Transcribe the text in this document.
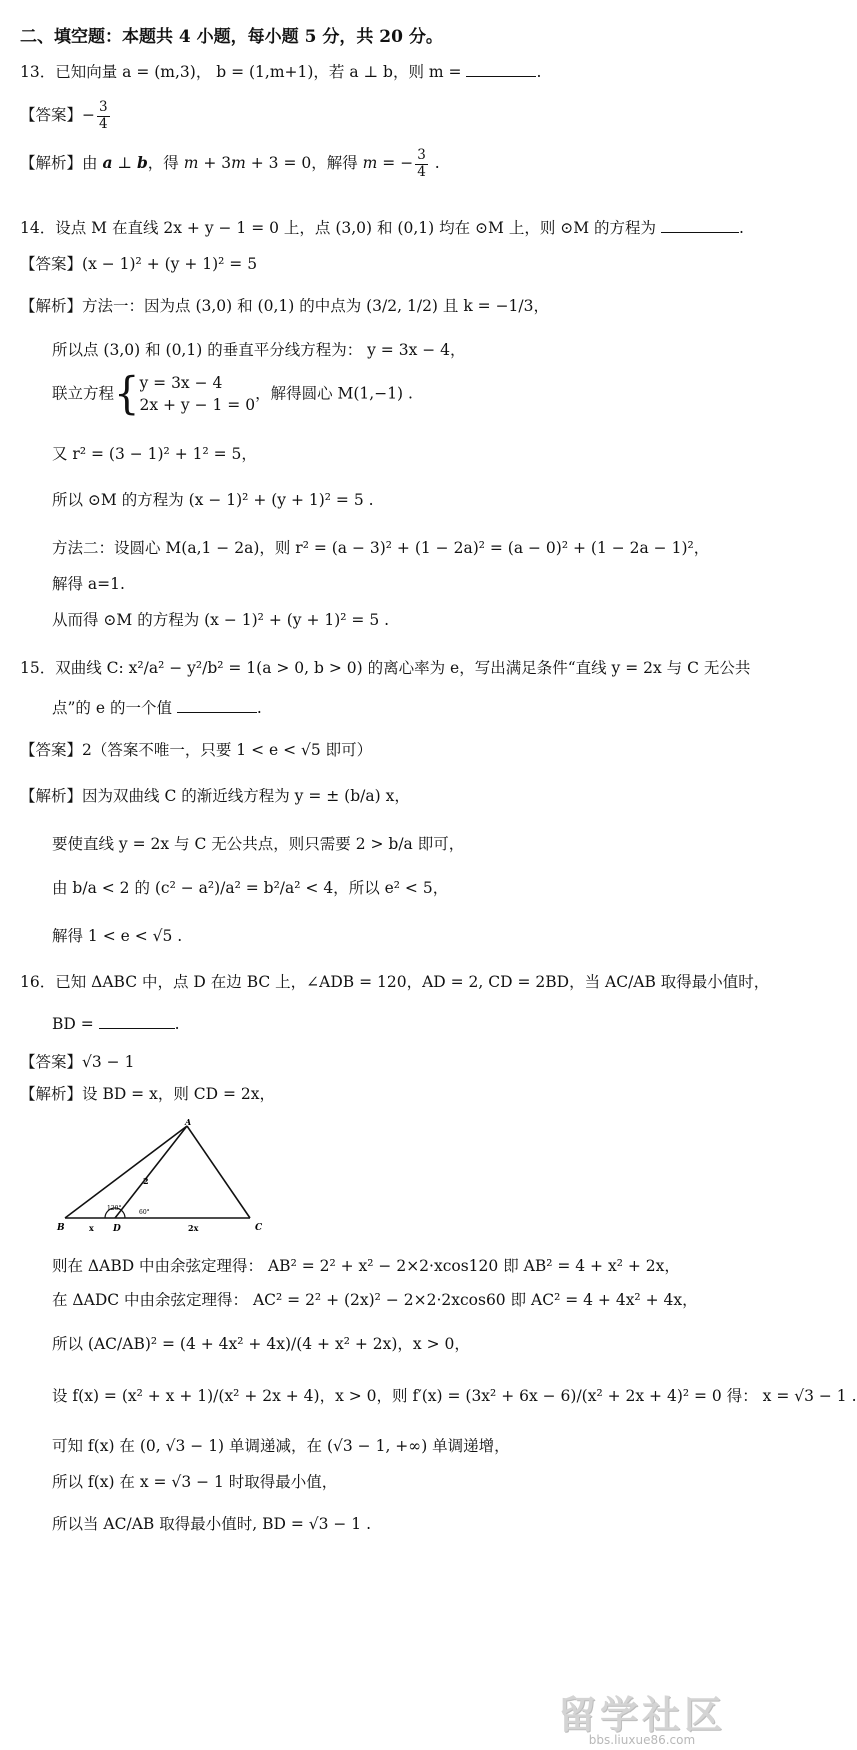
二、填空题：本题共 4 小题，每小题 5 分，共 20 分。
13．已知向量 a = (m,3)， b = (1,m+1)，若 a ⊥ b，则 m =	.
【答案】− $\frac{3}{4}$
【解析】由 a ⊥ b，得 m + 3m + 3 = 0，解得 m = − $\frac{3}{4}$ .
14．设点 M 在直线 2x + y − 1 = 0 上，点 (3,0) 和 (0,1) 均在 ⊙M 上，则 ⊙M 的方程为	.
【答案】(x − 1)² + (y + 1)² = 5
【解析】方法一：因为点 (3,0) 和 (0,1) 的中点为 (3/2, 1/2) 且 k = −1/3，
所以点 (3,0) 和 (0,1) 的垂直平分线方程为： y = 3x − 4，
联立方程{y = 3x − 4
2x + y − 1 = 0，解得圆心 M(1,−1) .
又 r² = (3 − 1)² + 1² = 5，
所以 ⊙M 的方程为 (x − 1)² + (y + 1)² = 5 .
方法二：设圆心 M(a,1 − 2a)，则 r² = (a − 3)² + (1 − 2a)² = (a − 0)² + (1 − 2a − 1)²，
解得 a=1.
从而得 ⊙M 的方程为 (x − 1)² + (y + 1)² = 5 .
15．双曲线 C: x²/a² − y²/b² = 1(a > 0, b > 0) 的离心率为 e，写出满足条件“直线 y = 2x 与 C 无公共
点”的 e 的一个值	.
【答案】2（答案不唯一，只要 1 < e < √5 即可）
【解析】因为双曲线 C 的渐近线方程为 y = ± (b/a) x，
要使直线 y = 2x 与 C 无公共点，则只需要 2 > b/a 即可，
由 b/a < 2 的 (c² − a²)/a² = b²/a² < 4，所以 e² < 5，
解得 1 < e < √5 .
16．已知 ΔABC 中，点 D 在边 BC 上，∠ADB = 120，AD = 2, CD = 2BD，当 AC/AB 取得最小值时，
BD =	.
【答案】√3 − 1
【解析】设 BD = x，则 CD = 2x，
A
B	C
D
2
x	2x
120°
60°
则在 ΔABD 中由余弦定理得： AB² = 2² + x² − 2×2·xcos120 即 AB² = 4 + x² + 2x，
在 ΔADC 中由余弦定理得： AC² = 2² + (2x)² − 2×2·2xcos60 即 AC² = 4 + 4x² + 4x，
所以 (AC/AB)² = (4 + 4x² + 4x)/(4 + x² + 2x)，x > 0，
设 f(x) = (x² + x + 1)/(x² + 2x + 4)，x > 0，则 f′(x) = (3x² + 6x − 6)/(x² + 2x + 4)² = 0 得： x = √3 − 1 .
可知 f(x) 在 (0, √3 − 1) 单调递减，在 (√3 − 1, +∞) 单调递增，
所以 f(x) 在 x = √3 − 1 时取得最小值，
所以当 AC/AB 取得最小值时, BD = √3 − 1 .
留学社区
bbs.liuxue86.com
